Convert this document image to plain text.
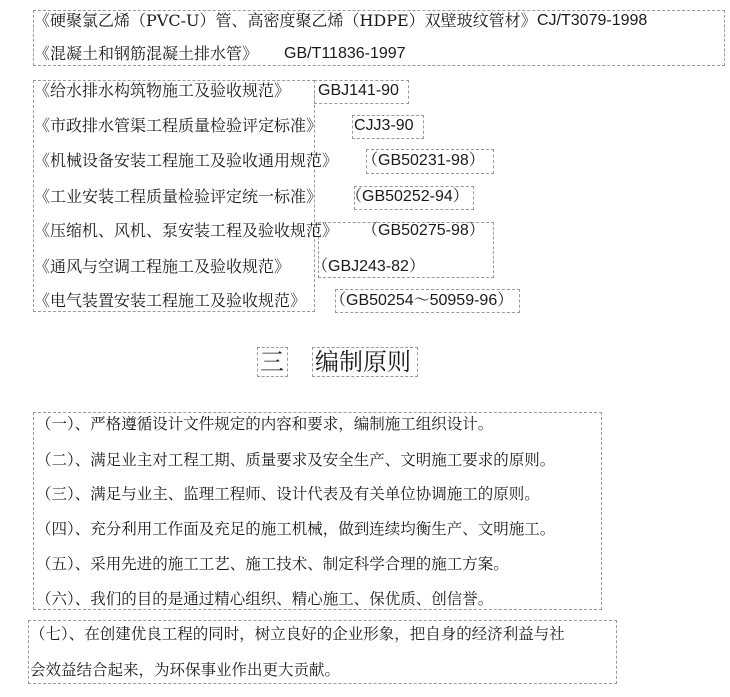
《硬聚氯乙烯（PVC-U）管、高密度聚乙烯（HDPE）双壁玻纹管材》 CJ/T3079-1998
《混凝土和钢筋混凝土排水管》 GB/T11836-1997
《给水排水构筑物施工及验收规范》 GBJ141-90
《市政排水管渠工程质量检验评定标准》 CJJ3-90
《机械设备安装工程施工及验收通用规范》 （GB50231-98）
《工业安装工程质量检验评定统一标准》 （GB50252-94）
《压缩机、风机、泵安装工程及验收规范》 （GB50275-98）
《通风与空调工程施工及验收规范》 （GBJ243-82）
《电气装置安装工程施工及验收规范》 （GB50254～50959-96）
三 编制原则
（一）、严格遵循设计文件规定的内容和要求，编制施工组织设计。
（二）、满足业主对工程工期、质量要求及安全生产、文明施工要求的原则。
（三）、满足与业主、监理工程师、设计代表及有关单位协调施工的原则。
（四）、充分利用工作面及充足的施工机械，做到连续均衡生产、文明施工。
（五）、采用先进的施工工艺、施工技术、制定科学合理的施工方案。
（六）、我们的目的是通过精心组织、精心施工、保优质、创信誉。
（七）、在创建优良工程的同时，树立良好的企业形象，把自身的经济利益与社
会效益结合起来，为环保事业作出更大贡献。
